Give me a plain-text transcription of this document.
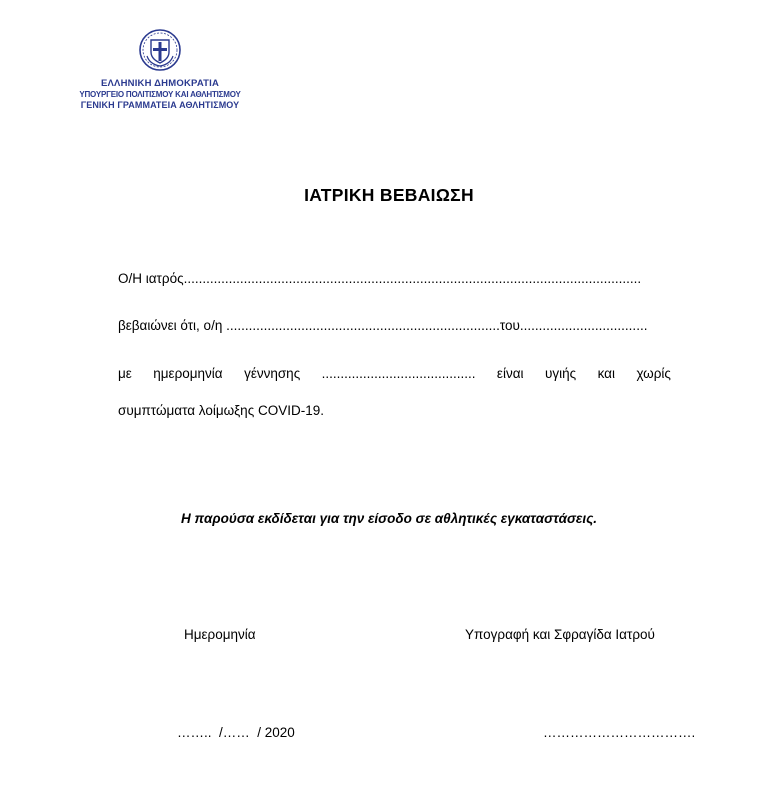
ΕΛΛΗΝΙΚΗ ΔΗΜΟΚΡΑΤΙΑ
ΥΠΟΥΡΓΕΙΟ ΠΟΛΙΤΙΣΜΟΥ ΚΑΙ ΑΘΛΗΤΙΣΜΟΥ
ΓΕΝΙΚΗ ΓΡΑΜΜΑΤΕΙΑ ΑΘΛΗΤΙΣΜΟΥ
ΙΑΤΡΙΚΗ ΒΕΒΑΙΩΣΗ
Ο/Η ιατρός..........................................................................................................................
βεβαιώνει ότι, ο/η .........................................................................του..................................
με ημερομηνία γέννησης ......................................... είναι υγιής και χωρίς
συμπτώματα λοίμωξης COVID-19.
Η παρούσα εκδίδεται για την είσοδο σε αθλητικές εγκαταστάσεις.
Ημερομηνία	Υπογραφή και Σφραγίδα Ιατρού
……..  /……  / 2020	…………………………….
